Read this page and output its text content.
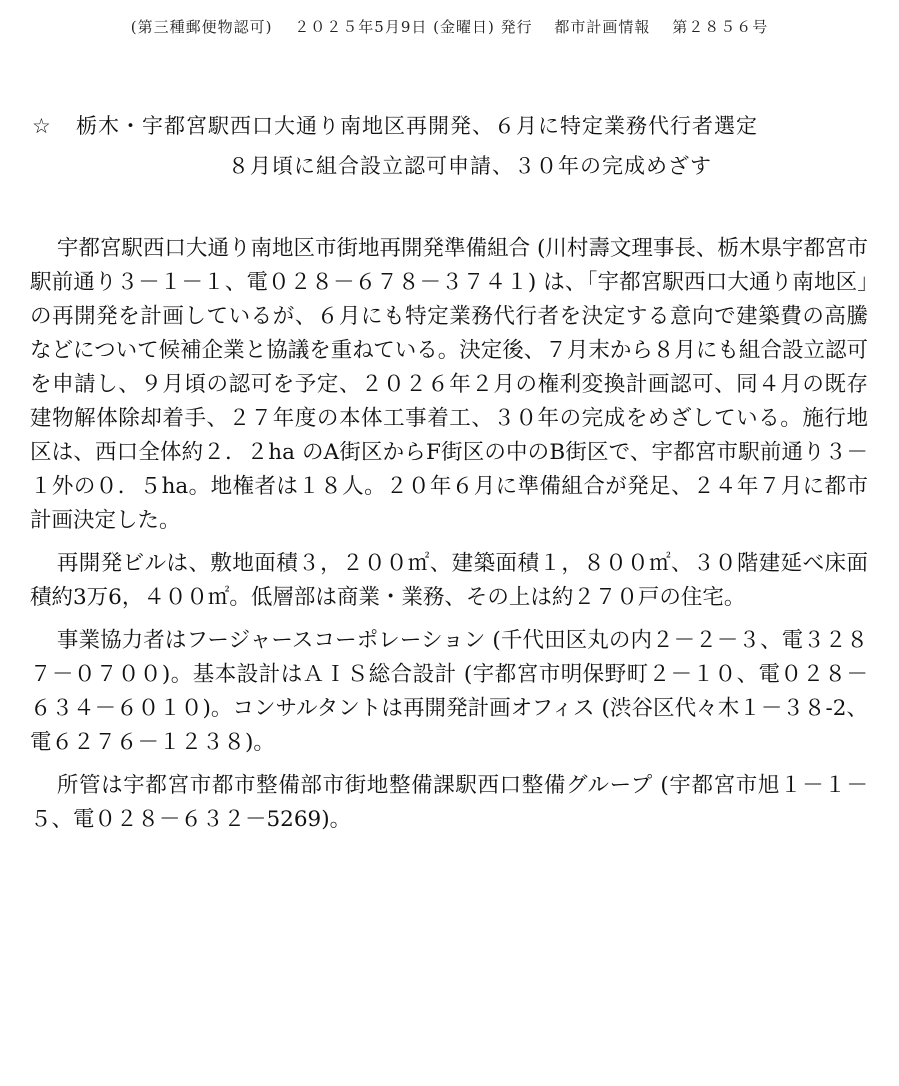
(第三種郵便物認可) ２０２５年5月9日 (金曜日) 発行 都市計画情報 第２８５６号
☆ 栃木・宇都宮駅西口大通り南地区再開発、６月に特定業務代行者選定
８月頃に組合設立認可申請、３０年の完成めざす

宇都宮駅西口大通り南地区市街地再開発準備組合 (川村壽文理事長、栃木県宇都宮市駅前通り３－１－１、電０２８－６７８－３７４１) は、「宇都宮駅西口大通り南地区」の再開発を計画しているが、６月にも特定業務代行者を決定する意向で建築費の高騰などについて候補企業と協議を重ねている。決定後、７月末から８月にも組合設立認可を申請し、９月頃の認可を予定、２０２６年２月の権利変換計画認可、同４月の既存建物解体除却着手、２７年度の本体工事着工、３０年の完成をめざしている。施行地区は、西口全体約２．２ha のA街区からF街区の中のB街区で、宇都宮市駅前通り３－１外の０．５ha。地権者は１８人。２０年６月に準備組合が発足、２４年７月に都市計画決定した。

再開発ビルは、敷地面積３，２００㎡、建築面積１，８００㎡、３０階建延べ床面積約3万6，４００㎡。低層部は商業・業務、その上は約２７０戸の住宅。

事業協力者はフージャースコーポレーション (千代田区丸の内２－２－３、電３２８７－０７００)。基本設計はＡＩＳ総合設計 (宇都宮市明保野町２－１０、電０２８－６３４－６０１０)。コンサルタントは再開発計画オフィス (渋谷区代々木１－３８-2、電６２７６－１２３８)。

所管は宇都宮市都市整備部市街地整備課駅西口整備グループ (宇都宮市旭１－１－５、電０２８－６３２－5269)。
